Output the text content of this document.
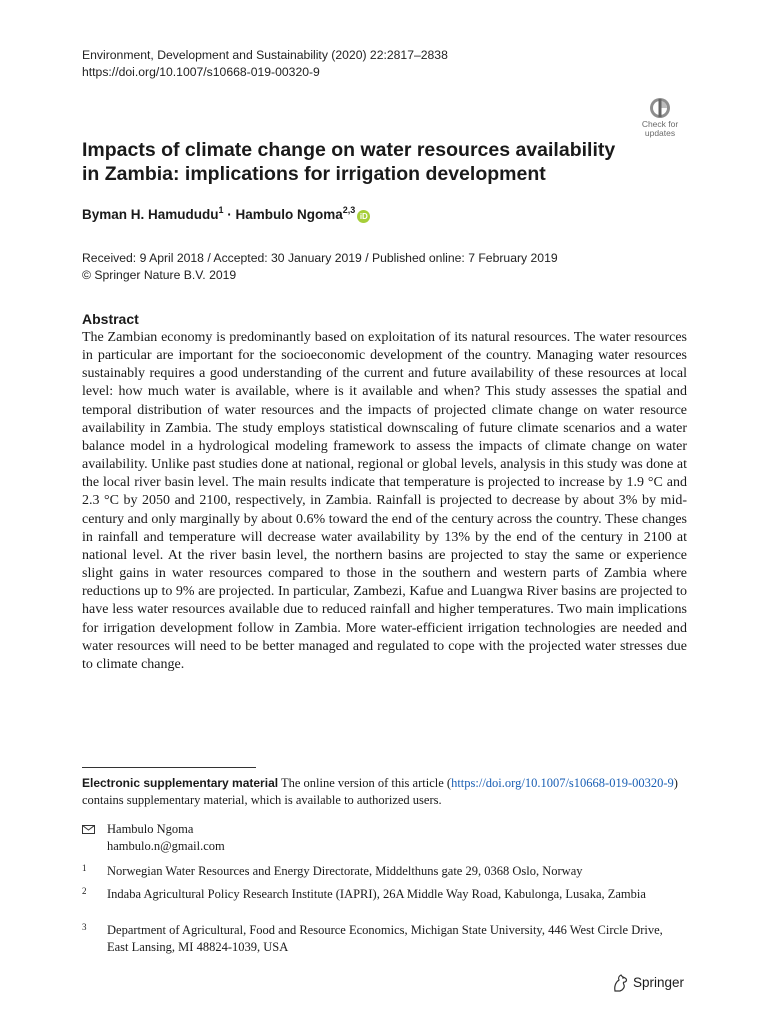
Environment, Development and Sustainability (2020) 22:2817–2838
https://doi.org/10.1007/s10668-019-00320-9
Check for
updates
Impacts of climate change on water resources availability
in Zambia: implications for irrigation development
Byman H. Hamududu$^1$ · Hambulo Ngoma$^{2,3}$iD
Received: 9 April 2018 / Accepted: 30 January 2019 / Published online: 7 February 2019
© Springer Nature B.V. 2019
Abstract
The Zambian economy is predominantly based on exploitation of its natural resources. The water resources in particular are important for the socioeconomic development of the country. Managing water resources sustainably requires a good understanding of the current and future availability of these resources at local level: how much water is available, where is it available and when? This study assesses the spatial and temporal distribution of water resources and the impacts of projected climate change on water resource availability in Zambia. The study employs statistical downscaling of future climate scenarios and a water balance model in a hydrological modeling framework to assess the impacts of climate change on water availability. Unlike past studies done at national, regional or global levels, analysis in this study was done at the local river basin level. The main results indicate that temperature is projected to increase by 1.9 °C and 2.3 °C by 2050 and 2100, respectively, in Zambia. Rainfall is projected to decrease by about 3% by mid-century and only marginally by about 0.6% toward the end of the century across the country. These changes in rainfall and temperature will decrease water availability by 13% by the end of the century in 2100 at national level. At the river basin level, the northern basins are projected to stay the same or experience slight gains in water resources compared to those in the southern and western parts of Zambia where reductions up to 9% are projected. In particular, Zambezi, Kafue and Luangwa River basins are projected to have less water resources available due to reduced rainfall and higher temperatures. Two main implications for irrigation development follow in Zambia. More water-efficient irrigation technologies are needed and water resources will need to be better managed and regulated to cope with the projected water stresses due to climate change.
Electronic supplementary material The online version of this article (https://doi.org/10.1007/s10668-019-00320-9) contains supplementary material, which is available to authorized users.
Hambulo Ngoma
hambulo.n@gmail.com
1 Norwegian Water Resources and Energy Directorate, Middelthuns gate 29, 0368 Oslo, Norway
2 Indaba Agricultural Policy Research Institute (IAPRI), 26A Middle Way Road, Kabulonga, Lusaka, Zambia
3 Department of Agricultural, Food and Resource Economics, Michigan State University, 446 West Circle Drive, East Lansing, MI 48824-1039, USA
Springer
